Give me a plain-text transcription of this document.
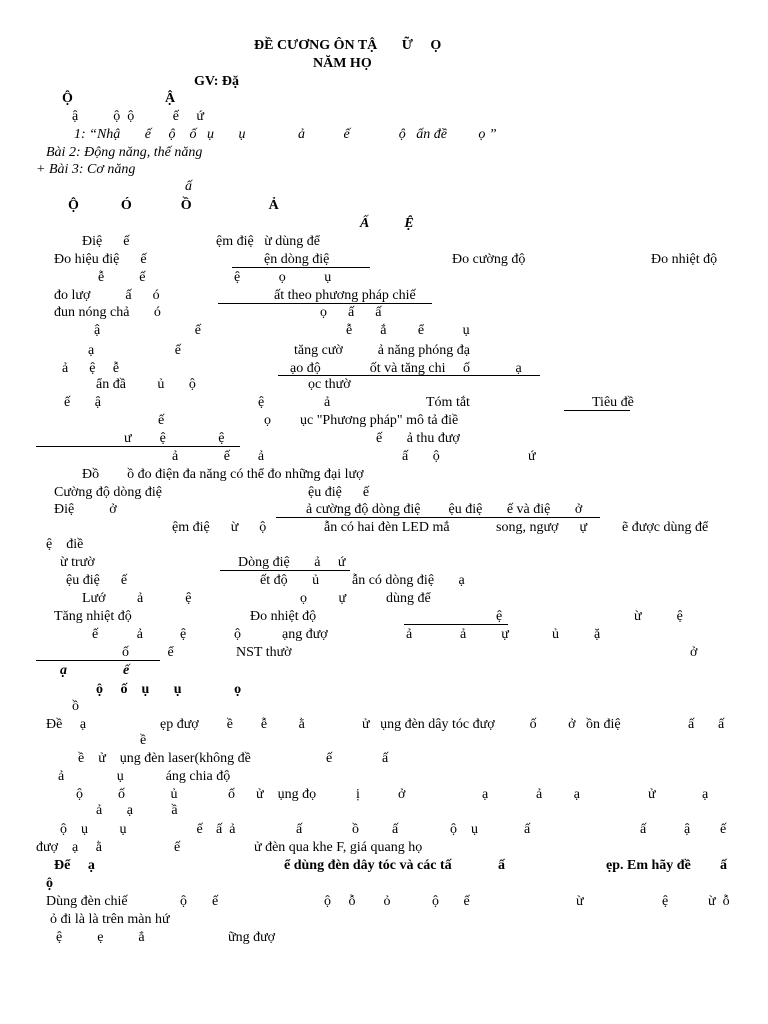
ĐỀ CƯƠNG ÔN TẬ       Ữ     Ọ
NĂM HỌ
GV: Đặ
Ộ	Ậ
ậ          ộ  ộ           ế     ứ
1: “Nhậ       ế     ộ    ố   ụ       ụ               ả           ế              ộ   ấn đề         ọ ”
Bài 2: Động năng, thế năng
+ Bài 3: Cơ năng
ấ
Ộ            Ó              Ồ                      Ả
Ấ          Ệ
Điệ      ế	ệm điệ   ừ dùng để
Đo hiệu điệ      ế	ện dòng điệ	Đo cường độ	Đo nhiệt độ
ễ          ế	ệ           ọ           ụ
đo lượ          ấ      ó	ất theo phương pháp chiế
đun nóng chả       ó	ọ      ấ      ấ
ậ                           ế	ễ        ắ         ể           ụ
ạ                       ế	tăng cườ          ả năng phóng đạ
ả      ệ     ễ	ạo độ              ốt và tăng chi     ố             ạ
ẩn đầ         ủ       ộ	ọc thườ
ế       ậ	ệ	ả	Tóm tắt	Tiêu đề
ế	ọ ục "Phương pháp" mô tả điề
ư        ệ               ệ	ế       ả thu đượ
ả             ế        ả	ấ       ộ	ứ
Đồ        ồ đo điện đa năng có thể đo những đại lượ
Cường độ dòng điệ	ệu điệ      ế
Điệ          ở	ả cường độ dòng điệ        ệu điệ       ế và điệ       ở
ệm điệ      ừ      ộ	ẫn có hai đèn LED mắ	song, ngượ      ự          ẽ được dùng để
ệ    điề
ừ trườ	Dòng điệ       ả     ứ
ệu điệ      ế	ết độ       ủ ẫn có dòng điệ       ạ
Lướ         ả            ệ	ọ         ự	dùng để
Tăng nhiệt độ	Đo nhiệt độ	ệ	ừ          ệ
ế           ả	ệ	ộ	ạng đượ	ả	ả          ự	ủ          ặ
ố           ể	NST thườ	ở
ạ                ế
ộ     ố    ụ       ụ               ọ
ồ
Đề     ạ	ẹp đượ        ề        ễ         ằ	ử   ụng đèn dây tóc đượ          ố         ở ồn điệ	ấ ấ
ề
ề    ử    ụng đèn laser(không đề	ế	ấ
ả               ụ            áng chia độ
ộ          ố             ủ	ố      ử    ụng đọ	ị	ở	ạ	ả         ạ	ử	ạ
ả       ạ           ầ
ộ    ụ         ụ                    ế ấ  ả	ấ	ồ ấ	ộ    ụ	ấ	ấ	ậ ế
đượ    ạ     ằ	ế	ử đèn qua khe F, giá quang họ
Để     ạ	ể dùng đèn dây tóc và các tấ	ấ	ẹp. Em hãy đề ấ
ộ
Dùng đèn chiế	ộ ế	ộ     ỗ        ỏ	ộ       ế	ừ	ệ	ừ  ỗ
ỏ đi là là trên màn hứ
ệ          ẹ          ẳ	ững đượ
